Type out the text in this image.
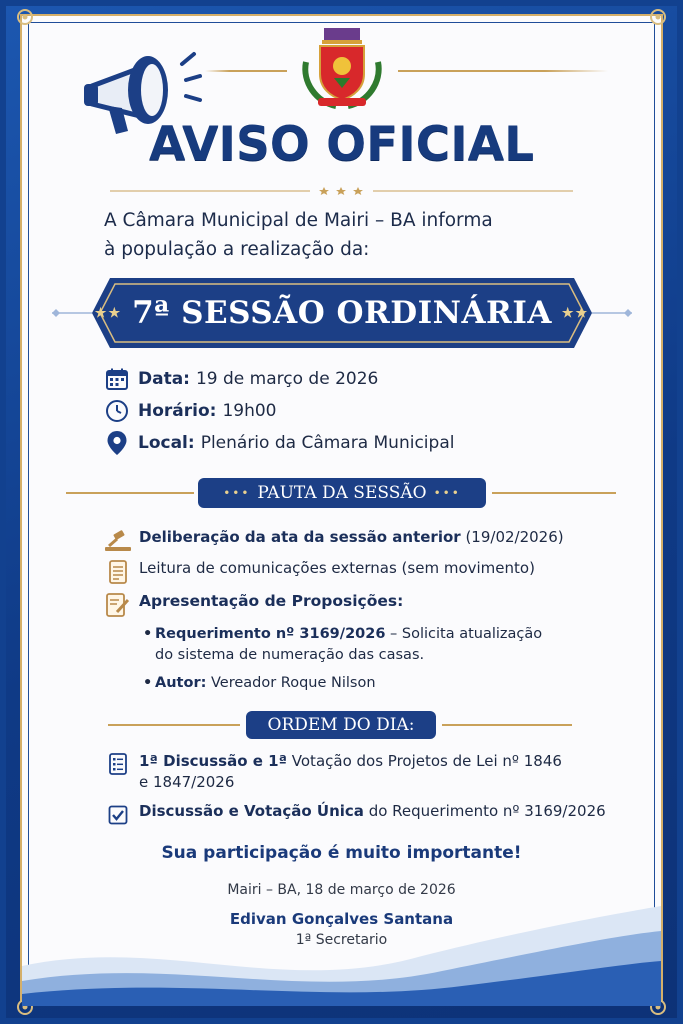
AVISO OFICIAL
A Câmara Municipal de Mairi – BA informa
à população a realização da:
★★ 7ª SESSÃO ORDINÁRIA ★★
Data: 19 de março de 2026
Horário: 19h00
Local: Plenário da Câmara Municipal
••• PAUTA DA SESSÃO •••
Deliberação da ata da sessão anterior (19/02/2026)
Leitura de comunicações externas (sem movimento)
Apresentação de Proposições:
• Requerimento nº 3169/2026 – Solicita atualização
do sistema de numeração das casas.
• Autor: Vereador Roque Nilson
ORDEM DO DIA:
1ª Discussão e 1ª Votação dos Projetos de Lei nº 1846
e 1847/2026
Discussão e Votação Única do Requerimento nº 3169/2026
Sua participação é muito importante!
Mairi – BA, 18 de março de 2026
Edivan Gonçalves Santana
1ª Secretario
